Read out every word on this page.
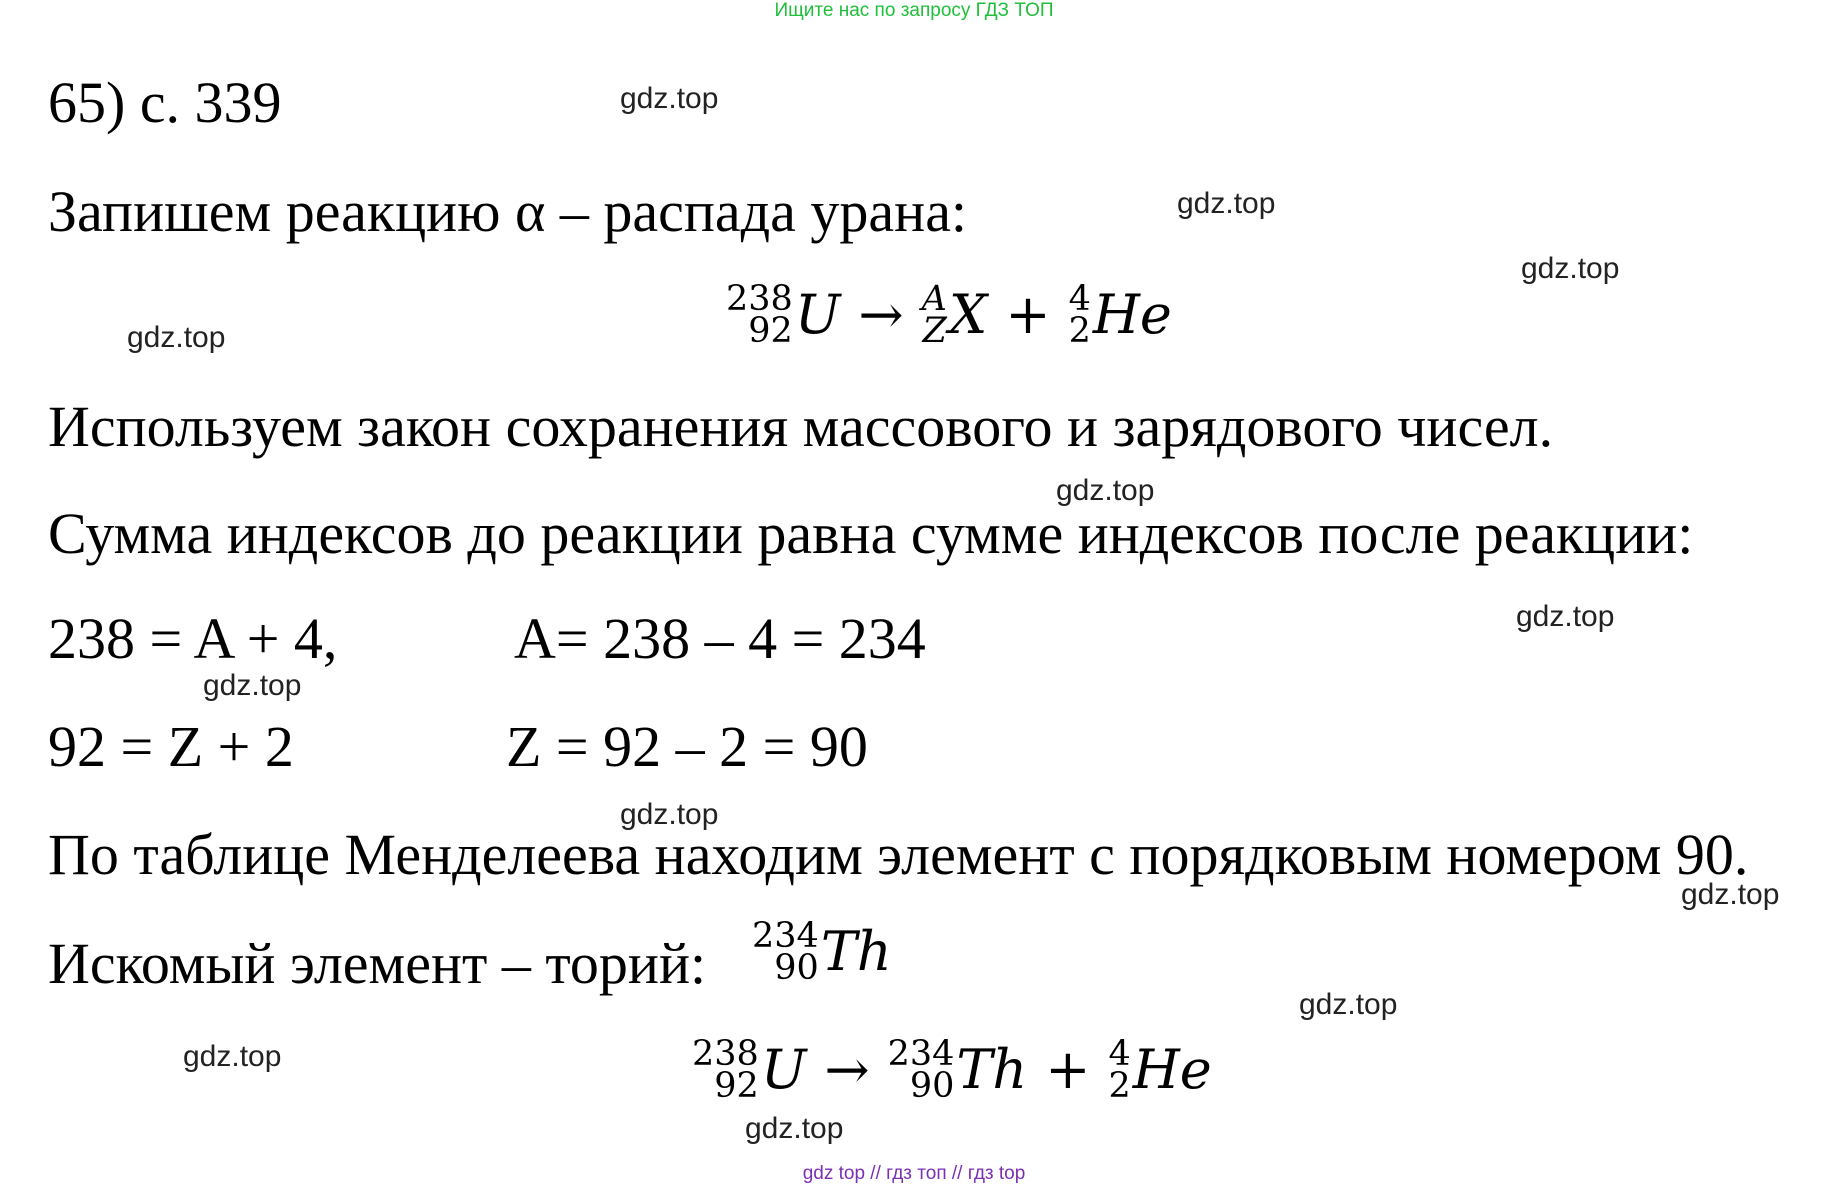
Ищите нас по запросу ГДЗ ТОП
65) с. 339
Запишем реакцию α – распада урана:
238
92 U → A
Z X + 4
2 He
Используем закон сохранения массового и зарядового чисел.
Сумма индексов до реакции равна сумме индексов после реакции:
238 = A + 4,	A= 238 – 4 = 234
92 = Z + 2	Z = 92 – 2 = 90
По таблице Менделеева находим элемент с порядковым номером 90.
Искомый элемент – торий: 234
90 Th
238
92 U → 234
90 Th + 4
2 He
gdz.top
gdz.top
gdz.top
gdz.top
gdz.top
gdz.top
gdz.top
gdz.top
gdz.top
gdz.top
gdz.top
gdz.top
gdz top // гдз топ // гдз top
